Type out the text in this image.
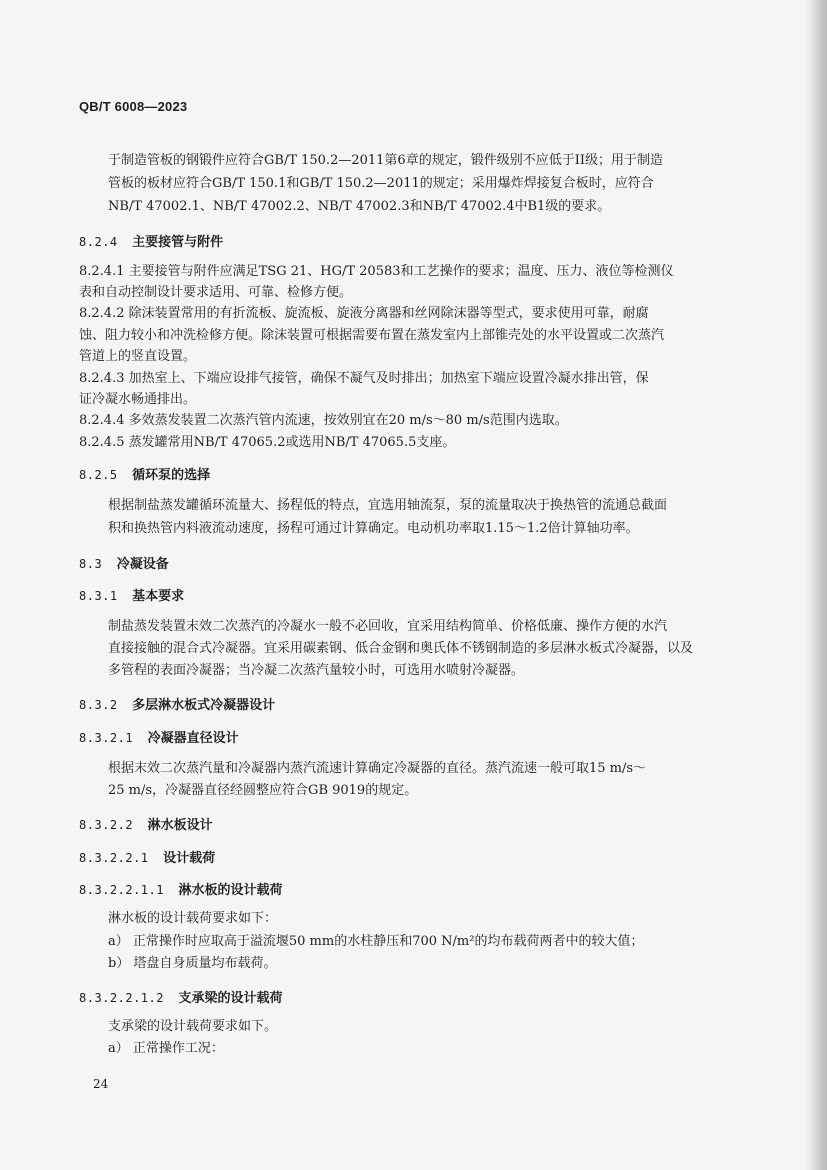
QB/T 6008—2023
于制造管板的钢锻件应符合GB/T 150.2—2011第6章的规定，锻件级别不应低于II级；用于制造
管板的板材应符合GB/T 150.1和GB/T 150.2—2011的规定；采用爆炸焊接复合板时，应符合
NB/T 47002.1、NB/T 47002.2、NB/T 47002.3和NB/T 47002.4中B1级的要求。
8.2.4 主要接管与附件
8.2.4.1 主要接管与附件应满足TSG 21、HG/T 20583和工艺操作的要求；温度、压力、液位等检测仪
表和自动控制设计要求适用、可靠、检修方便。
8.2.4.2 除沫装置常用的有折流板、旋流板、旋液分离器和丝网除沫器等型式，要求使用可靠，耐腐
蚀、阻力较小和冲洗检修方便。除沫装置可根据需要布置在蒸发室内上部锥壳处的水平设置或二次蒸汽
管道上的竖直设置。
8.2.4.3 加热室上、下端应设排气接管，确保不凝气及时排出；加热室下端应设置冷凝水排出管，保
证冷凝水畅通排出。
8.2.4.4 多效蒸发装置二次蒸汽管内流速，按效别宜在20 m/s～80 m/s范围内选取。
8.2.4.5 蒸发罐常用NB/T 47065.2或选用NB/T 47065.5支座。
8.2.5 循环泵的选择
根据制盐蒸发罐循环流量大、扬程低的特点，宜选用轴流泵，泵的流量取决于换热管的流通总截面
积和换热管内料液流动速度，扬程可通过计算确定。电动机功率取1.15～1.2倍计算轴功率。
8.3 冷凝设备
8.3.1 基本要求
制盐蒸发装置末效二次蒸汽的冷凝水一般不必回收，宜采用结构简单、价格低廉、操作方便的水汽
直接接触的混合式冷凝器。宜采用碳素钢、低合金钢和奥氏体不锈钢制造的多层淋水板式冷凝器，以及
多管程的表面冷凝器；当冷凝二次蒸汽量较小时，可选用水喷射冷凝器。
8.3.2 多层淋水板式冷凝器设计
8.3.2.1 冷凝器直径设计
根据末效二次蒸汽量和冷凝器内蒸汽流速计算确定冷凝器的直径。蒸汽流速一般可取15 m/s～
25 m/s，冷凝器直径经圆整应符合GB 9019的规定。
8.3.2.2 淋水板设计
8.3.2.2.1 设计载荷
8.3.2.2.1.1 淋水板的设计载荷
淋水板的设计载荷要求如下：
a） 正常操作时应取高于溢流堰50 mm的水柱静压和700 N/m²的均布载荷两者中的较大值；
b） 塔盘自身质量均布载荷。
8.3.2.2.1.2 支承梁的设计载荷
支承梁的设计载荷要求如下。
a） 正常操作工况：
24
